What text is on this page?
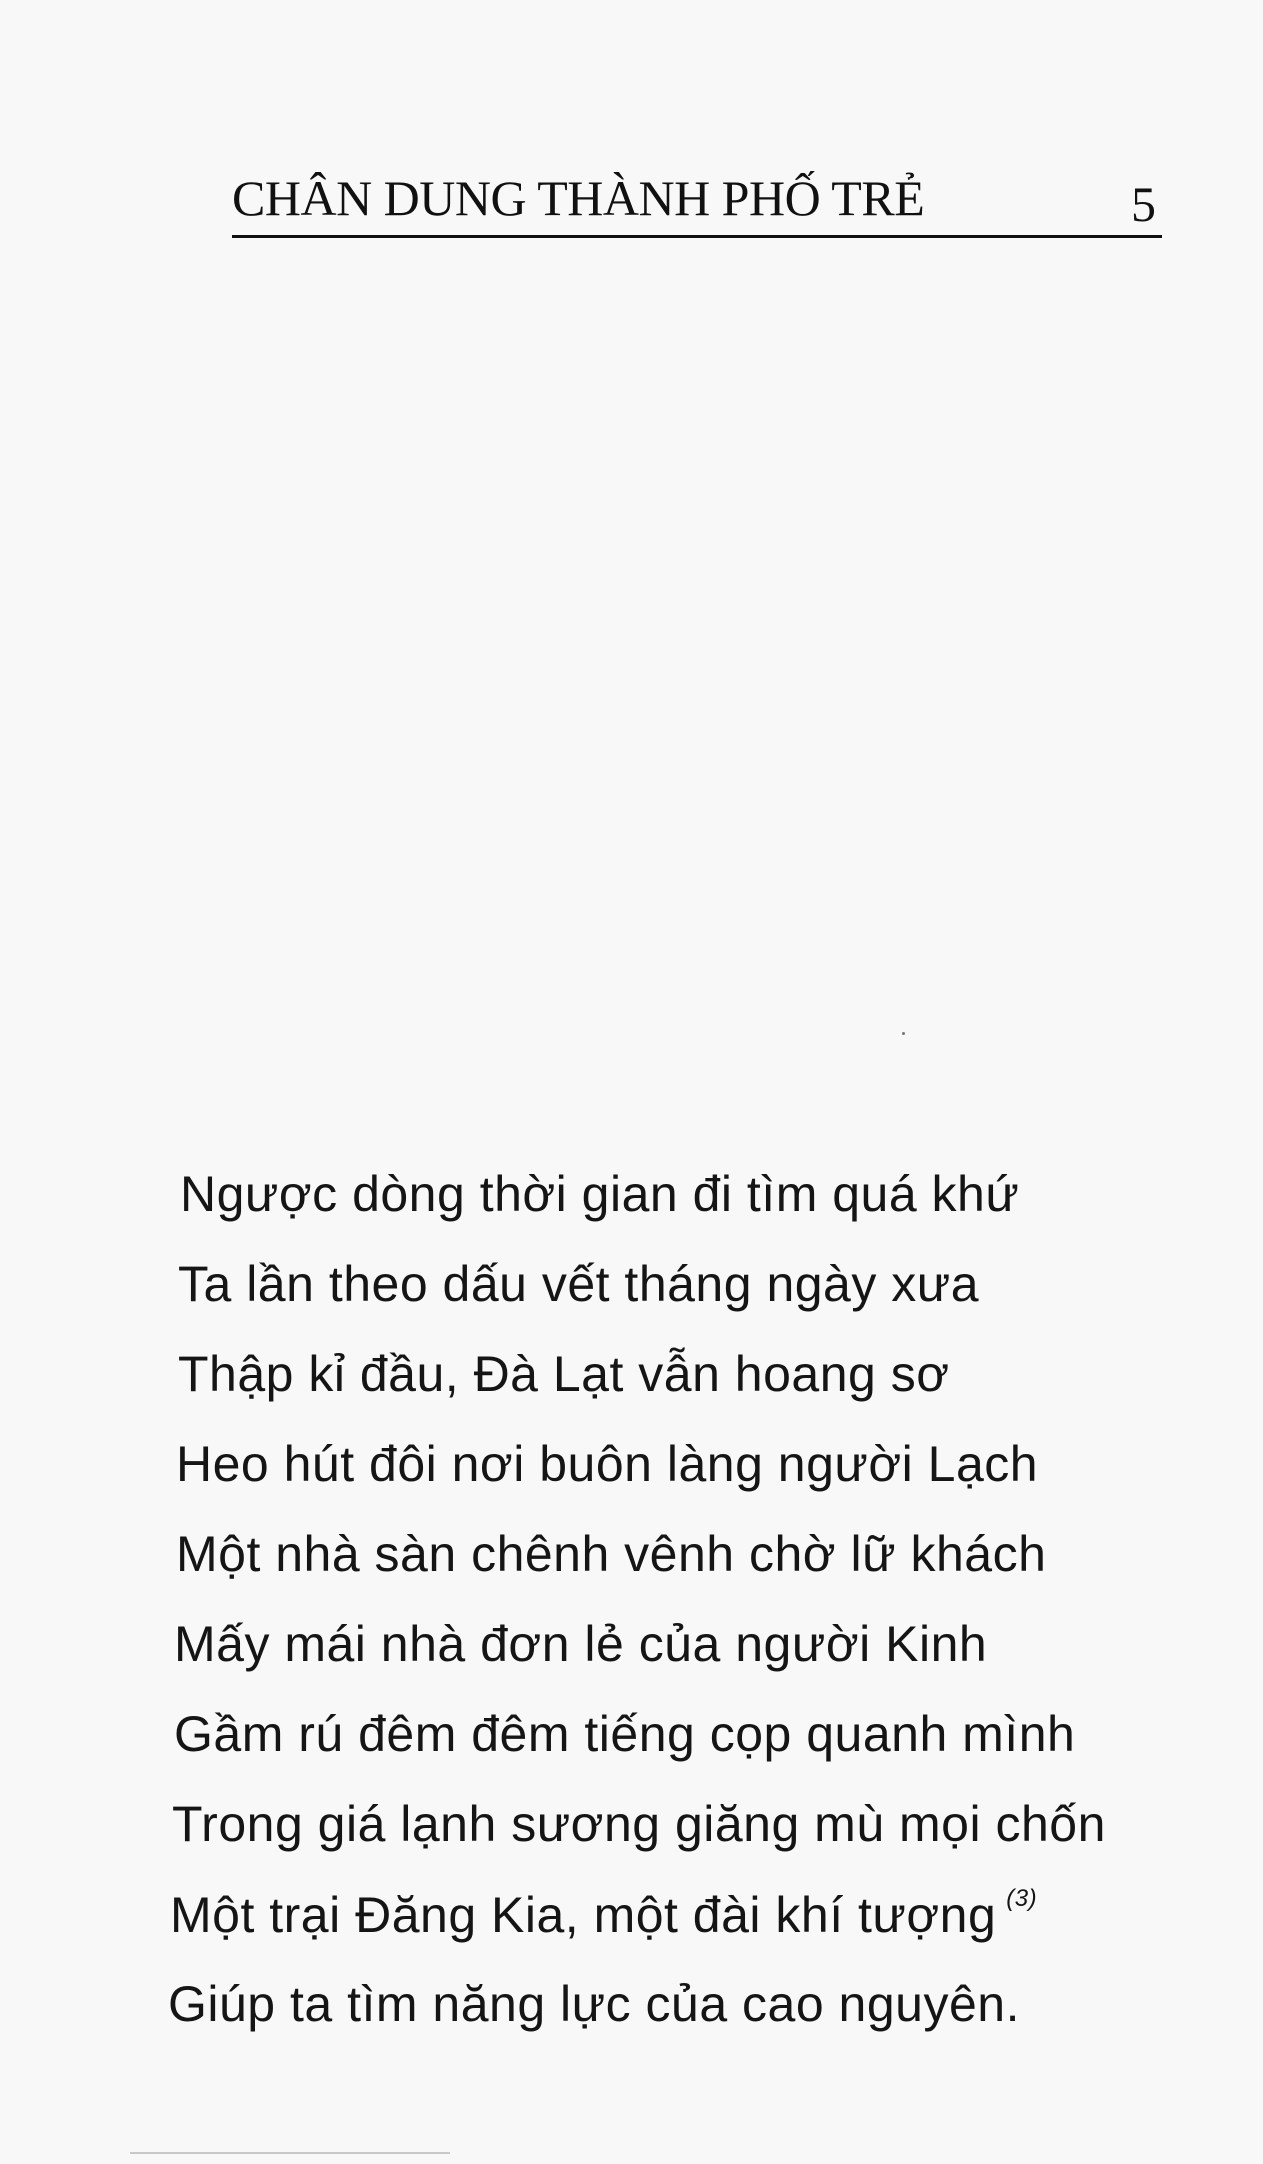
CHÂN DUNG THÀNH PHỐ TRẺ	5
Ngược dòng thời gian đi tìm quá khứ
Ta lần theo dấu vết tháng ngày xưa
Thập kỉ đầu, Đà Lạt vẫn hoang sơ
Heo hút đôi nơi buôn làng người Lạch
Một nhà sàn chênh vênh chờ lữ khách
Mấy mái nhà đơn lẻ của người Kinh
Gầm rú đêm đêm tiếng cọp quanh mình
Trong giá lạnh sương giăng mù mọi chốn
Một trại Đăng Kia, một đài khí tượng $^{(3)}$
Giúp ta tìm năng lực của cao nguyên.
